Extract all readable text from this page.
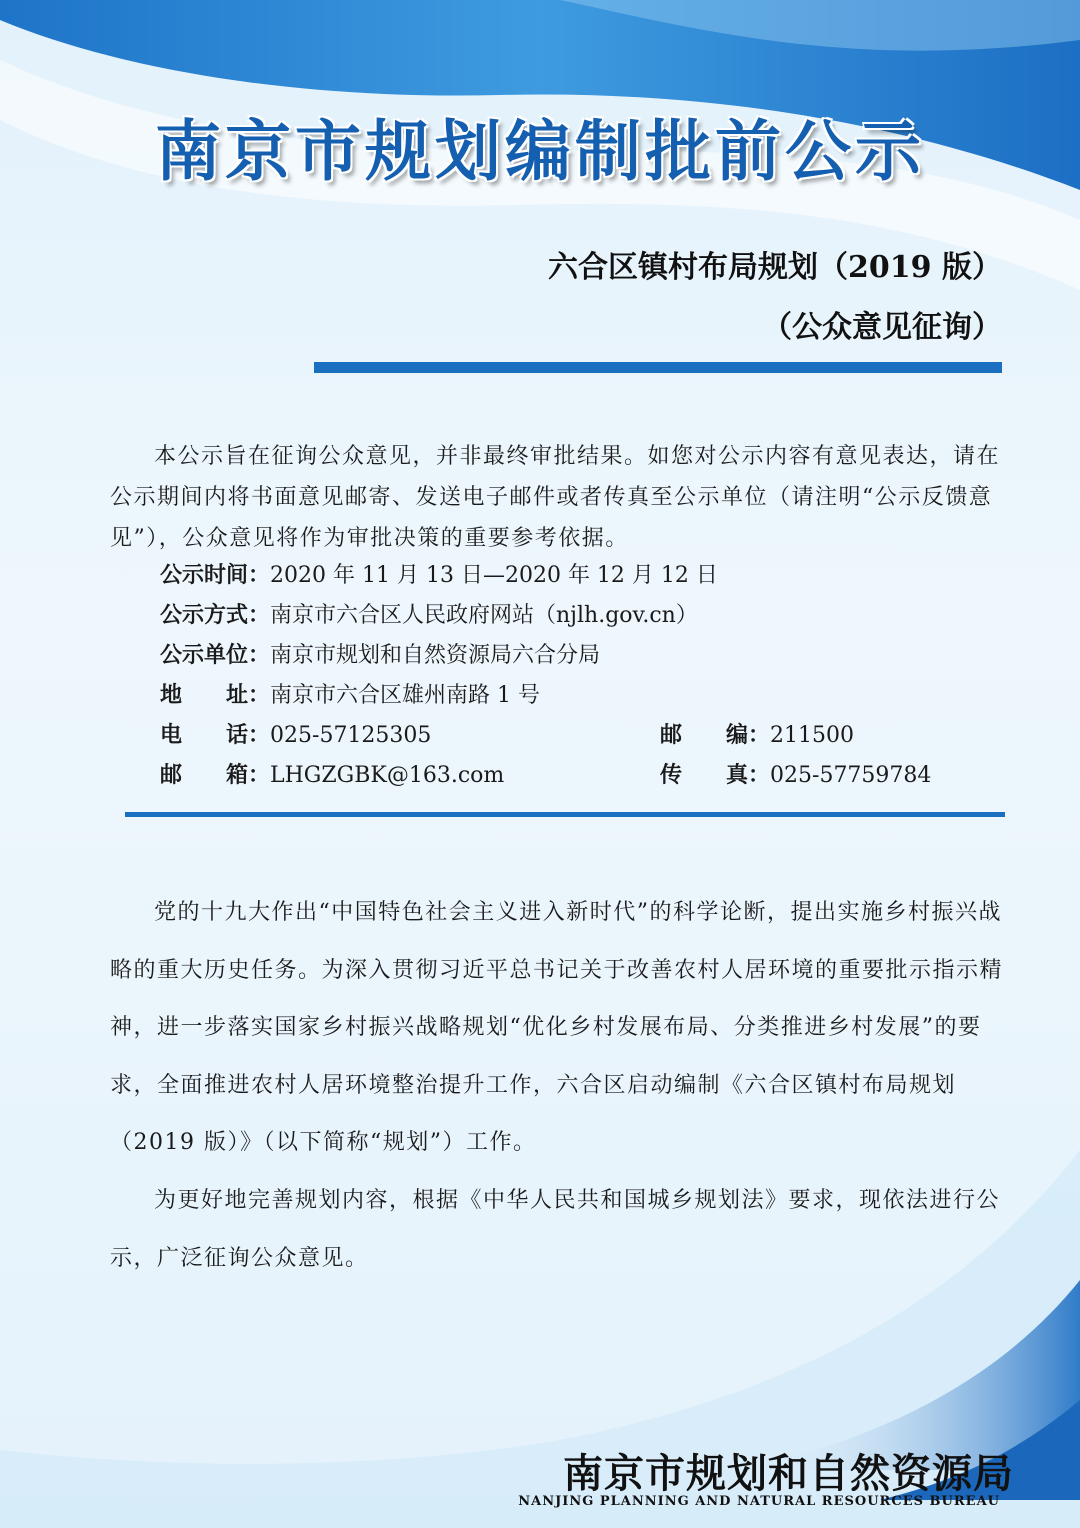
南京市规划编制批前公示
六合区镇村布局规划（2019 版）
（公众意见征询）
本公示旨在征询公众意见，并非最终审批结果。如您对公示内容有意见表达，请在公示期间内将书面意见邮寄、发送电子邮件或者传真至公示单位（请注明“公示反馈意见”），公众意见将作为审批决策的重要参考依据。
公示时间：2020 年 11 月 13 日—2020 年 12 月 12 日
公示方式：南京市六合区人民政府网站（njlh.gov.cn）
公示单位：南京市规划和自然资源局六合分局
地　　址：南京市六合区雄州南路 1 号
电　　话：025-57125305	邮　　编：211500
邮　　箱：LHGZGBK@163.com	传　　真：025-57759784
党的十九大作出“中国特色社会主义进入新时代”的科学论断，提出实施乡村振兴战略的重大历史任务。为深入贯彻习近平总书记关于改善农村人居环境的重要批示指示精神，进一步落实国家乡村振兴战略规划“优化乡村发展布局、分类推进乡村发展”的要求，全面推进农村人居环境整治提升工作，六合区启动编制《六合区镇村布局规划（2019 版）》（以下简称“规划”）工作。
为更好地完善规划内容，根据《中华人民共和国城乡规划法》要求，现依法进行公示，广泛征询公众意见。
南京市规划和自然资源局
NANJING PLANNING AND NATURAL RESOURCES BUREAU
